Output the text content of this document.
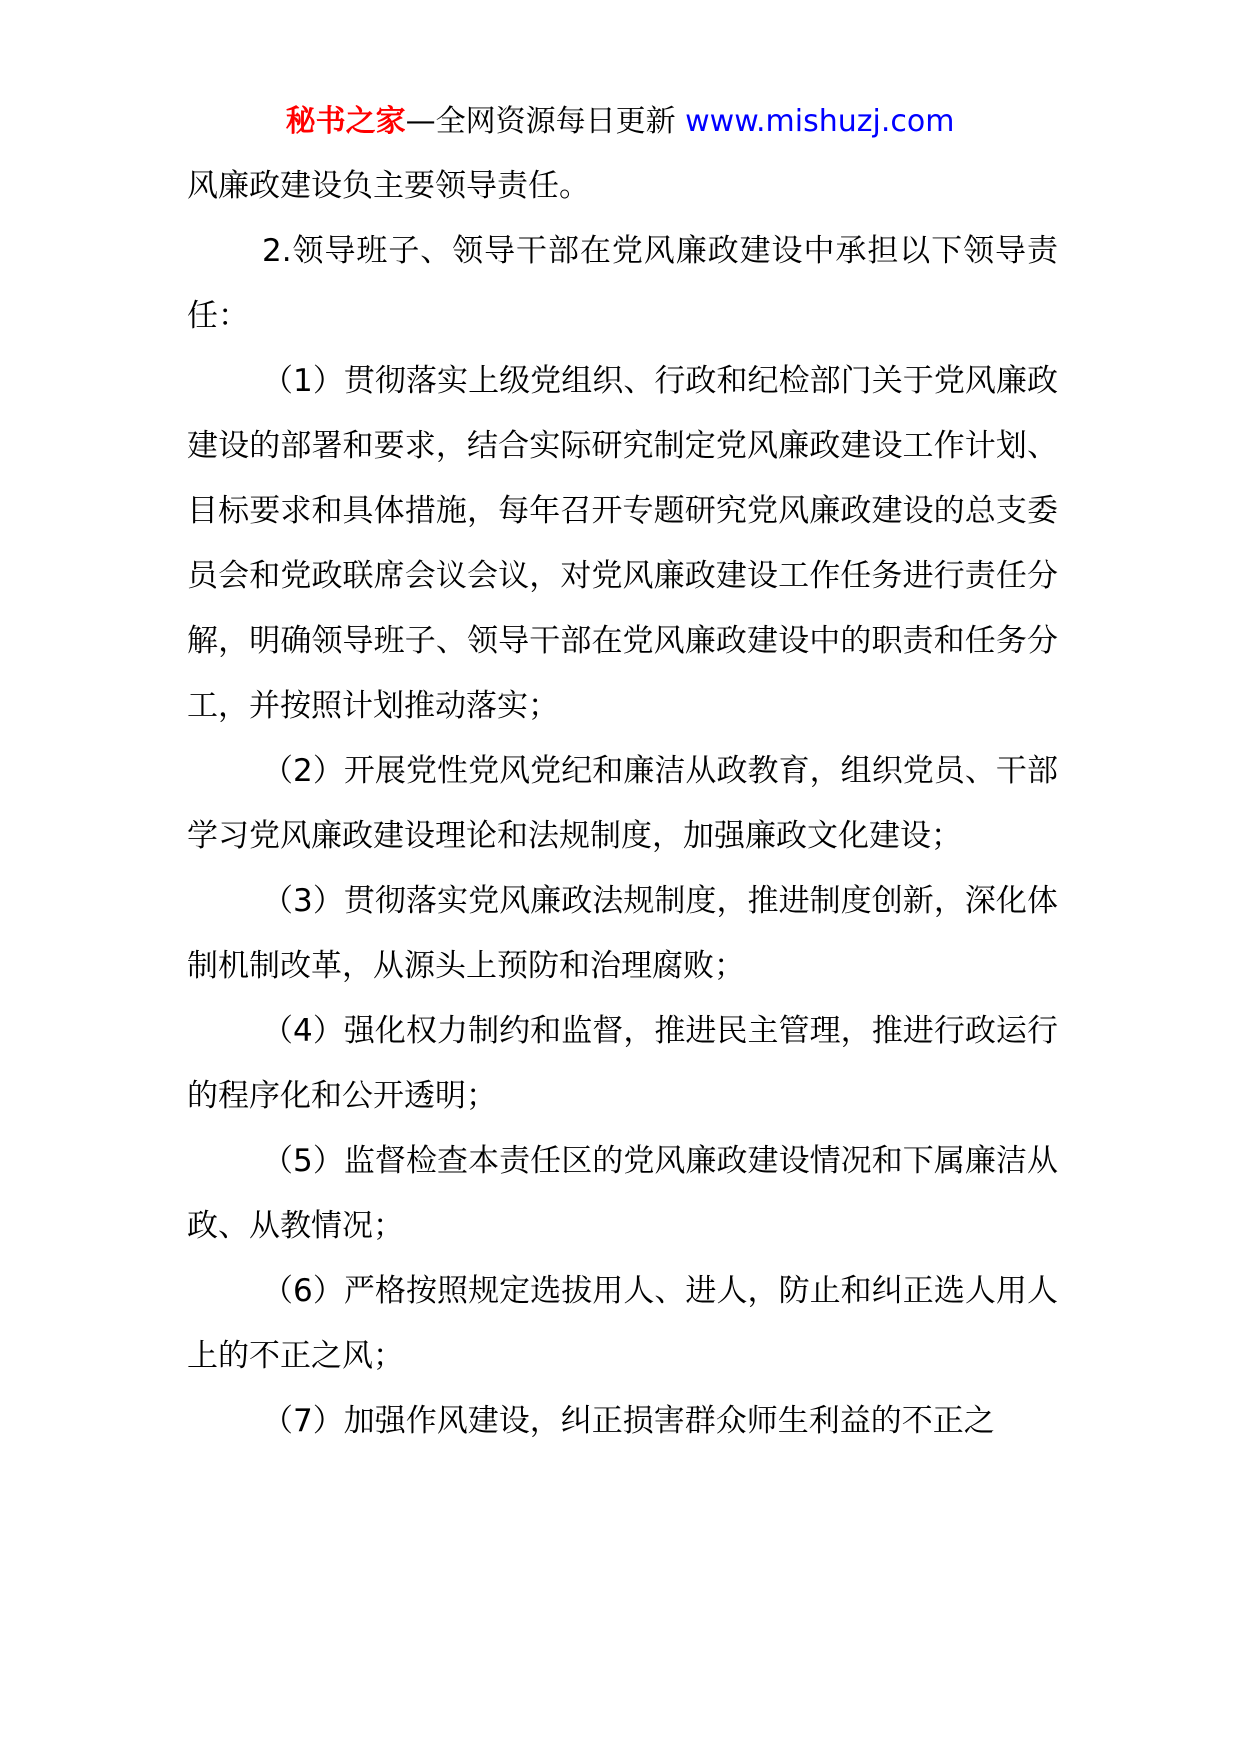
秘书之家—全网资源每日更新 www.mishuzj.com

风廉政建设负主要领导责任。

2.领导班子、领导干部在党风廉政建设中承担以下领导责任：

（1）贯彻落实上级党组织、行政和纪检部门关于党风廉政建设的部署和要求，结合实际研究制定党风廉政建设工作计划、目标要求和具体措施，每年召开专题研究党风廉政建设的总支委员会和党政联席会议会议，对党风廉政建设工作任务进行责任分解，明确领导班子、领导干部在党风廉政建设中的职责和任务分工，并按照计划推动落实；

（2）开展党性党风党纪和廉洁从政教育，组织党员、干部学习党风廉政建设理论和法规制度，加强廉政文化建设；

（3）贯彻落实党风廉政法规制度，推进制度创新，深化体制机制改革，从源头上预防和治理腐败；

（4）强化权力制约和监督，推进民主管理，推进行政运行的程序化和公开透明；

（5）监督检查本责任区的党风廉政建设情况和下属廉洁从政、从教情况；

（6）严格按照规定选拔用人、进人，防止和纠正选人用人上的不正之风；

（7）加强作风建设，纠正损害群众师生利益的不正之
